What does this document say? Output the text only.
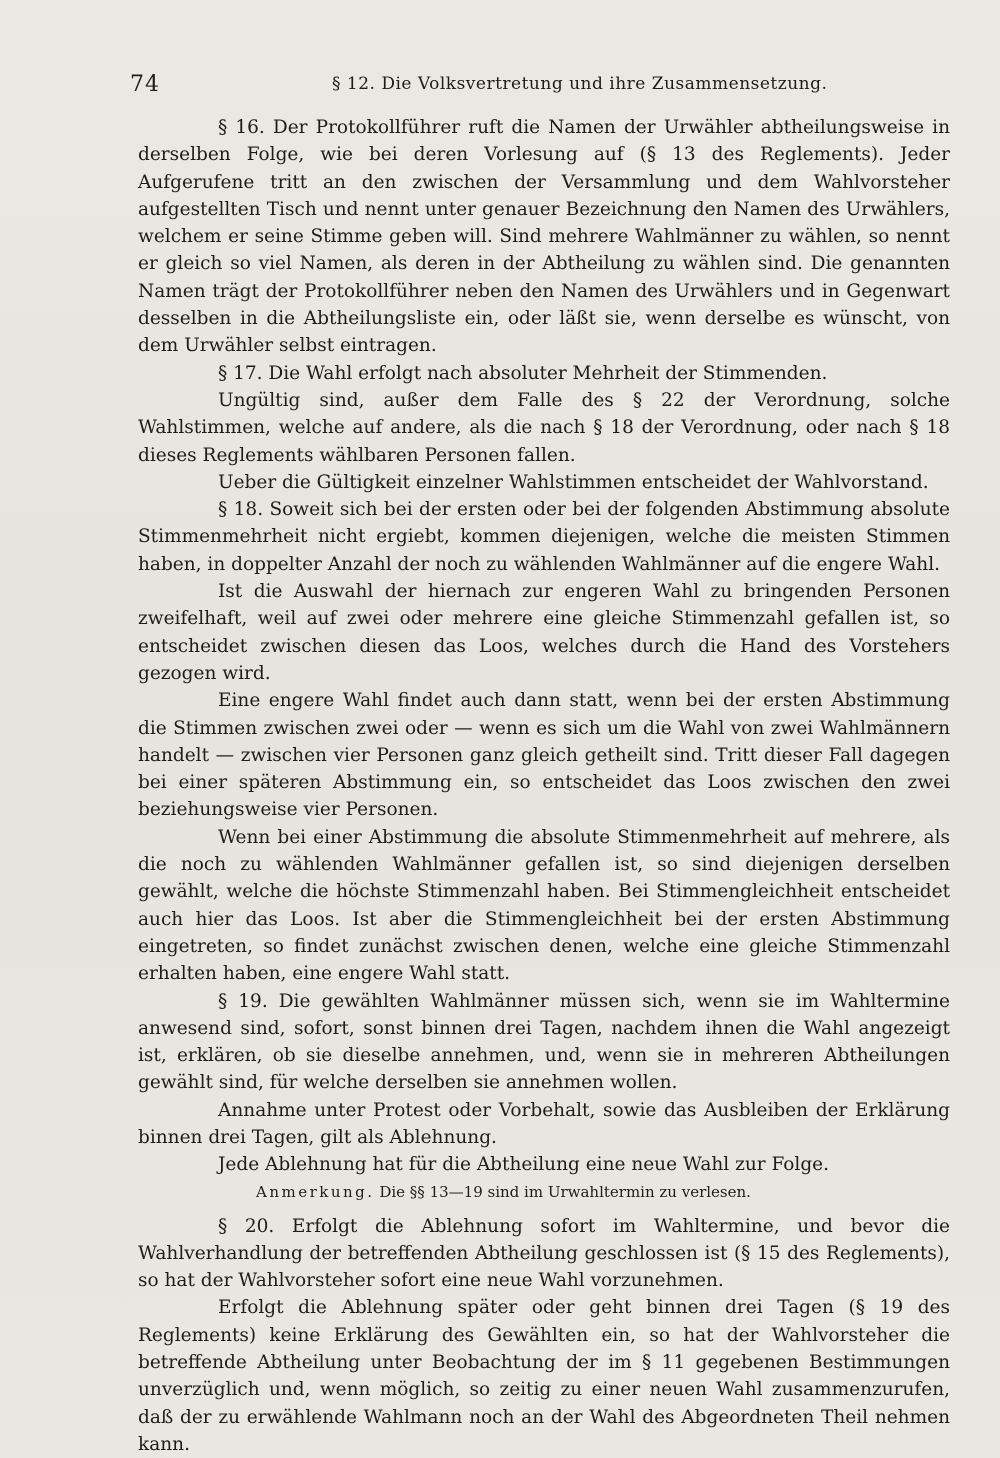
74	§ 12. Die Volksvertretung und ihre Zusammensetzung.

§ 16. Der Protokollführer ruft die Namen der Urwähler abtheilungsweise in derselben Folge, wie bei deren Vorlesung auf (§ 13 des Reglements). Jeder Aufgerufene tritt an den zwischen der Versammlung und dem Wahlvorsteher aufgestellten Tisch und nennt unter genauer Bezeichnung den Namen des Urwählers, welchem er seine Stimme geben will. Sind mehrere Wahlmänner zu wählen, so nennt er gleich so viel Namen, als deren in der Abtheilung zu wählen sind. Die genannten Namen trägt der Protokollführer neben den Namen des Urwählers und in Gegenwart desselben in die Abtheilungsliste ein, oder läßt sie, wenn derselbe es wünscht, von dem Urwähler selbst eintragen.

§ 17. Die Wahl erfolgt nach absoluter Mehrheit der Stimmenden.

Ungültig sind, außer dem Falle des § 22 der Verordnung, solche Wahlstimmen, welche auf andere, als die nach § 18 der Verordnung, oder nach § 18 dieses Reglements wählbaren Personen fallen.

Ueber die Gültigkeit einzelner Wahlstimmen entscheidet der Wahlvorstand.

§ 18. Soweit sich bei der ersten oder bei der folgenden Abstimmung absolute Stimmenmehrheit nicht ergiebt, kommen diejenigen, welche die meisten Stimmen haben, in doppelter Anzahl der noch zu wählenden Wahlmänner auf die engere Wahl.

Ist die Auswahl der hiernach zur engeren Wahl zu bringenden Personen zweifelhaft, weil auf zwei oder mehrere eine gleiche Stimmenzahl gefallen ist, so entscheidet zwischen diesen das Loos, welches durch die Hand des Vorstehers gezogen wird.

Eine engere Wahl findet auch dann statt, wenn bei der ersten Abstimmung die Stimmen zwischen zwei oder — wenn es sich um die Wahl von zwei Wahlmännern handelt — zwischen vier Personen ganz gleich getheilt sind. Tritt dieser Fall dagegen bei einer späteren Abstimmung ein, so entscheidet das Loos zwischen den zwei beziehungsweise vier Personen.

Wenn bei einer Abstimmung die absolute Stimmenmehrheit auf mehrere, als die noch zu wählenden Wahlmänner gefallen ist, so sind diejenigen derselben gewählt, welche die höchste Stimmenzahl haben. Bei Stimmengleichheit entscheidet auch hier das Loos. Ist aber die Stimmengleichheit bei der ersten Abstimmung eingetreten, so findet zunächst zwischen denen, welche eine gleiche Stimmenzahl erhalten haben, eine engere Wahl statt.

§ 19. Die gewählten Wahlmänner müssen sich, wenn sie im Wahltermine anwesend sind, sofort, sonst binnen drei Tagen, nachdem ihnen die Wahl angezeigt ist, erklären, ob sie dieselbe annehmen, und, wenn sie in mehreren Abtheilungen gewählt sind, für welche derselben sie annehmen wollen.

Annahme unter Protest oder Vorbehalt, sowie das Ausbleiben der Erklärung binnen drei Tagen, gilt als Ablehnung.

Jede Ablehnung hat für die Abtheilung eine neue Wahl zur Folge.

Anmerkung. Die §§ 13—19 sind im Urwahltermin zu verlesen.

§ 20. Erfolgt die Ablehnung sofort im Wahltermine, und bevor die Wahlverhandlung der betreffenden Abtheilung geschlossen ist (§ 15 des Reglements), so hat der Wahlvorsteher sofort eine neue Wahl vorzunehmen.

Erfolgt die Ablehnung später oder geht binnen drei Tagen (§ 19 des Reglements) keine Erklärung des Gewählten ein, so hat der Wahlvorsteher die betreffende Abtheilung unter Beobachtung der im § 11 gegebenen Bestimmungen unverzüglich und, wenn möglich, so zeitig zu einer neuen Wahl zusammenzurufen, daß der zu erwählende Wahlmann noch an der Wahl des Abgeordneten Theil nehmen kann.
